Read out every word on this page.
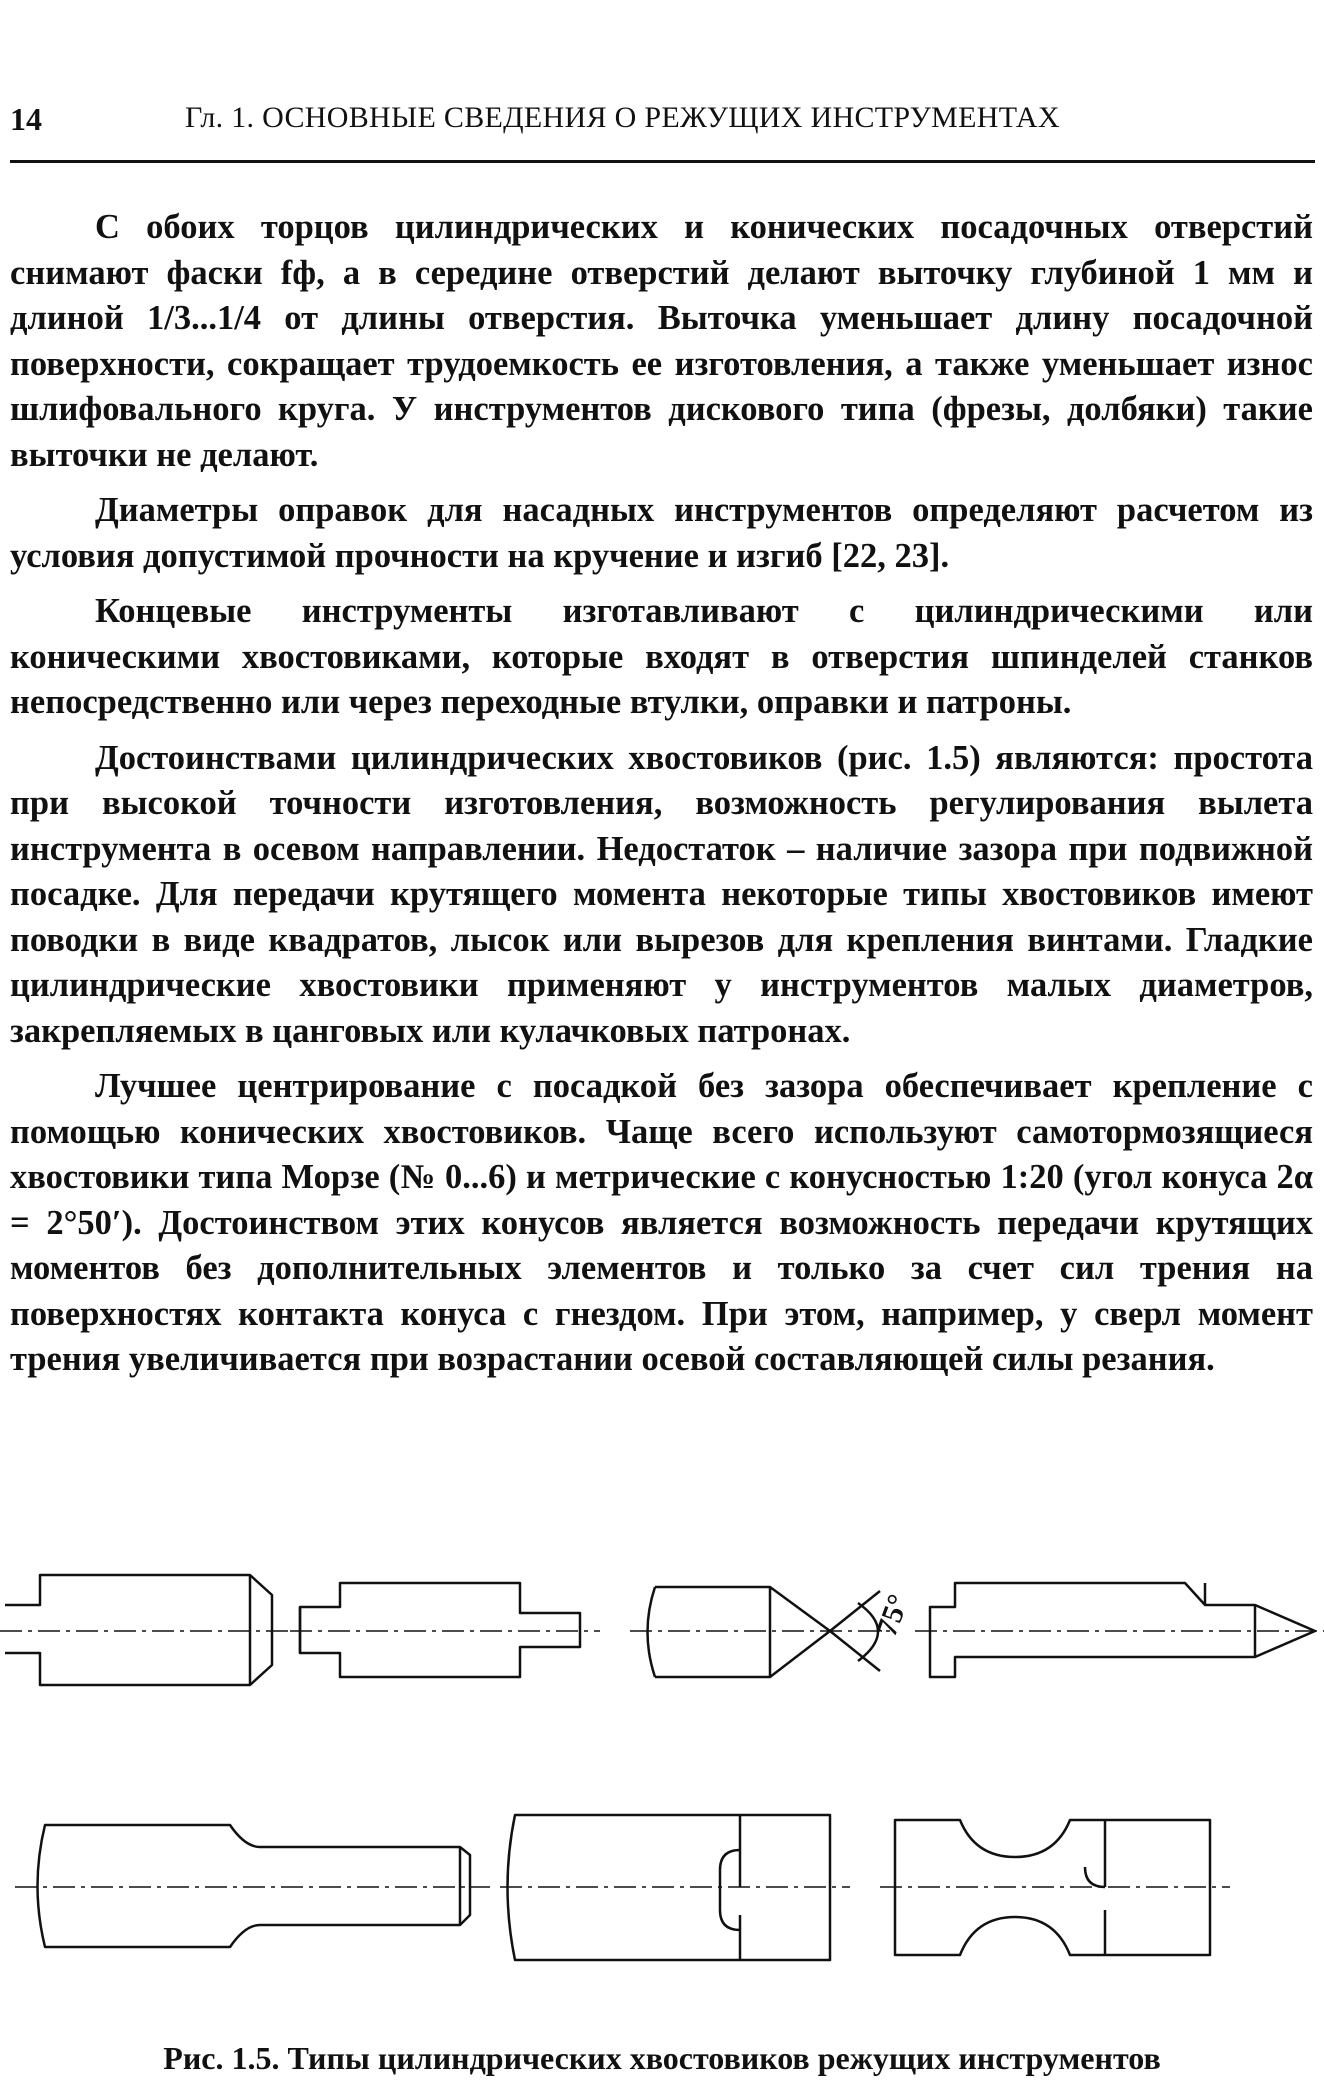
14	Гл. 1. ОСНОВНЫЕ СВЕДЕНИЯ О РЕЖУЩИХ ИНСТРУМЕНТАХ

С обоих торцов цилиндрических и конических посадочных отверстий снимают фаски fф, а в середине отверстий делают выточку глубиной 1 мм и длиной 1/3...1/4 от длины отверстия. Выточка уменьшает длину посадочной поверхности, сокращает трудоемкость ее изготовления, а также уменьшает износ шлифовального круга. У инструментов дискового типа (фрезы, долбяки) такие выточки не делают.

Диаметры оправок для насадных инструментов определяют расчетом из условия допустимой прочности на кручение и изгиб [22, 23].

Концевые инструменты изготавливают с цилиндрическими или коническими хвостовиками, которые входят в отверстия шпинделей станков непосредственно или через переходные втулки, оправки и патроны.

Достоинствами цилиндрических хвостовиков (рис. 1.5) являются: простота при высокой точности изготовления, возможность регулирования вылета инструмента в осевом направлении. Недостаток – наличие зазора при подвижной посадке. Для передачи крутящего момента некоторые типы хвостовиков имеют поводки в виде квадратов, лысок или вырезов для крепления винтами. Гладкие цилиндрические хвостовики применяют у инструментов малых диаметров, закрепляемых в цанговых или кулачковых патронах.

Лучшее центрирование с посадкой без зазора обеспечивает крепление с помощью конических хвостовиков. Чаще всего используют самотормозящиеся хвостовики типа Морзе (№ 0...6) и метрические с конусностью 1:20 (угол конуса 2α = 2°50′). Достоинством этих конусов является возможность передачи крутящих моментов без дополнительных элементов и только за счет сил трения на поверхностях контакта конуса с гнездом. При этом, например, у сверл момент трения увеличивается при возрастании осевой составляющей силы резания.

75°
Рис. 1.5. Типы цилиндрических хвостовиков режущих инструментов
